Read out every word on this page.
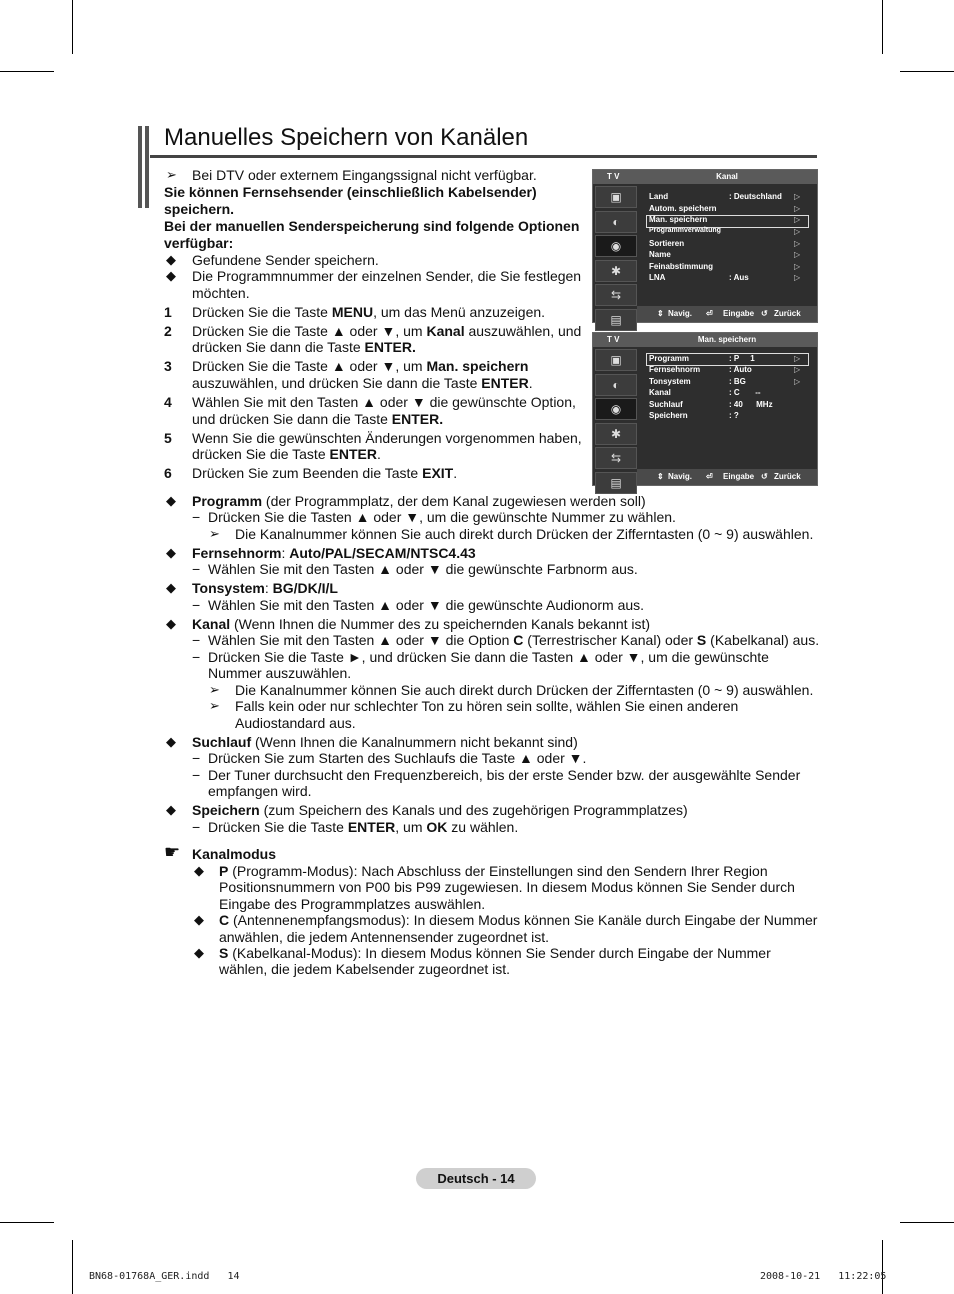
Manuelles Speichern von Kanälen
➢ Bei DTV oder externem Eingangssignal nicht verfügbar.
Sie können Fernsehsender (einschließlich Kabelsender) speichern.
Bei der manuellen Senderspeicherung sind folgende Optionen verfügbar:
◆ Gefundene Sender speichern.
◆ Die Programmnummer der einzelnen Sender, die Sie festlegen möchten.
1 Drücken Sie die Taste MENU, um das Menü anzuzeigen.
2 Drücken Sie die Taste ▲ oder ▼, um Kanal auszuwählen, und
drücken Sie dann die Taste ENTER.
3 Drücken Sie die Taste ▲ oder ▼, um Man. speichern
auszuwählen, und drücken Sie dann die Taste ENTER.
4 Wählen Sie mit den Tasten ▲ oder ▼ die gewünschte Option,
und drücken Sie dann die Taste ENTER.
5 Wenn Sie die gewünschten Änderungen vorgenommen haben,
drücken Sie die Taste ENTER.
6 Drücken Sie zum Beenden die Taste EXIT.
T V	Kanal
▣
◐
◉
✱
⇆
▤
Land	: Deutschland ▷
Autom. speichern	▷
Man. speichern	▷
Programmverwaltung	▷
Sortieren	▷
Name	▷
Feinabstimmung	▷
LNA	: Aus	▷
⇕ Navig. ⏎ Eingabe ↺ Zurück
T V	Man. speichern
▣
◐
◉
✱
⇆
▤
Programm	: P     1	▷
Fernsehnorm	: Auto	▷
Tonsystem	: BG	▷
Kanal	: C       --
Suchlauf	: 40      MHz
Speichern	: ?
⇕ Navig. ⏎ Eingabe ↺ Zurück
◆ Programm (der Programmplatz, der dem Kanal zugewiesen werden soll)
− Drücken Sie die Tasten ▲ oder ▼, um die gewünschte Nummer zu wählen.
➢ Die Kanalnummer können Sie auch direkt durch Drücken der Zifferntasten (0 ~ 9) auswählen.
◆ Fernsehnorm: Auto/PAL/SECAM/NTSC4.43
− Wählen Sie mit den Tasten ▲ oder ▼ die gewünschte Farbnorm aus.
◆ Tonsystem: BG/DK/I/L
− Wählen Sie mit den Tasten ▲ oder ▼ die gewünschte Audionorm aus.
◆ Kanal (Wenn Ihnen die Nummer des zu speichernden Kanals bekannt ist)
− Wählen Sie mit den Tasten ▲ oder ▼ die Option C (Terrestrischer Kanal) oder S (Kabelkanal) aus.
− Drücken Sie die Taste ►, und drücken Sie dann die Tasten ▲ oder ▼, um die gewünschte
Nummer auszuwählen.
➢ Die Kanalnummer können Sie auch direkt durch Drücken der Zifferntasten (0 ~ 9) auswählen.
➢ Falls kein oder nur schlechter Ton zu hören sein sollte, wählen Sie einen anderen
Audiostandard aus.
◆ Suchlauf (Wenn Ihnen die Kanalnummern nicht bekannt sind)
− Drücken Sie zum Starten des Suchlaufs die Taste ▲ oder ▼.
− Der Tuner durchsucht den Frequenzbereich, bis der erste Sender bzw. der ausgewählte Sender
empfangen wird.
◆ Speichern (zum Speichern des Kanals und des zugehörigen Programmplatzes)
− Drücken Sie die Taste ENTER, um OK zu wählen.
☛ Kanalmodus
◆ P (Programm-Modus): Nach Abschluss der Einstellungen sind den Sendern Ihrer Region
Positionsnummern von P00 bis P99 zugewiesen. In diesem Modus können Sie Sender durch
Eingabe des Programmplatzes auswählen.
◆ C (Antennenempfangsmodus): In diesem Modus können Sie Kanäle durch Eingabe der Nummer
anwählen, die jedem Antennensender zugeordnet ist.
◆ S (Kabelkanal-Modus): In diesem Modus können Sie Sender durch Eingabe der Nummer
wählen, die jedem Kabelsender zugeordnet ist.
Deutsch - 14
BN68-01768A_GER.indd   14	2008-10-21   11:22:05
